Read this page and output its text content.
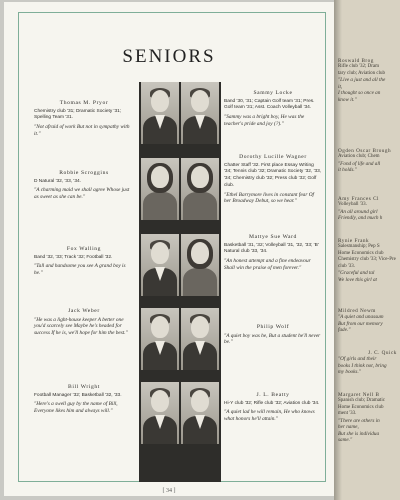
SENIORS
Thomas M. Pryor
Chemistry club '31; Dramatic Society '31; Spelling Team '31.
"Not afraid of work But not in sympathy with it."
Robbie Scroggins
D Natural '32, '33, '34.
"A charming maid we shall agree Whose just as sweet as she can be."
Fox Walling
Band '32, '33; Track '32; Football '32.
"Tall and handsome you see A grand boy is he."
Jack Weber
"He was a light-house keeper A better one you'd scarcely see Maybe he's headed for success If he is, we'll hope for him the best."
Bill Wright
Football Manager '32; Basketball '32, '33.
"Here's a swell guy by the name of Bill, Everyone likes him and always will."
Sammy Locke
Band '30, '31; Captain Golf team '31; Pres. Golf team '31; Asst. Coach Volleyball '34.
"Sammy was a bright boy, He was the teacher's pride and joy (?)."
Dorothy Lucille Wagner
Chatter Staff '32. First place Essay Writing '34; Tennis club '32; Dramatic Society '32, '33, '34; Chemistry club '32; Press club '32; Golf club.
"Ethel Barrymore lives in constant fear Of her Broadway Debut, so we hear."
Mattye Sue Ward
Basketball '31, '32; Volleyball '31, '32, '33; 'B' Natural club '33, '34.
"An honest attempt and a fine endeavour Shall win the praise of men forever."
Philip Wolf
"A quiet boy was he, But a student he'll never be."
J. L. Beatty
Hi-Y club '32; Rifle club '32; Aviation club '34.
"A quiet lad he will remain, He who knows what honors he'll attain."
[ 34 ]
Roswald Brog
Rifle club '32; Dram
tary club; Aviation club
"Live a just and all the
it,
I thought so once an
know it."
Ogden Oscar Brough
Aviation club; Chem
"Fond of life and all
it holds."
Amy Frances Cl
Volleyball '33.
"An all around girl
Friendly, and much h
Rynie Frank
Salesmanship; Pep S
Home Economics club
Chemistry club '33; Vice-Pre
club '33.
"Graceful and tal
We love this girl at
Mildred Newm
"A quiet and unassum
But from our memory
fade."
J. C. Quick
"Of girls and their
books I think not, bring
my books."
Margaret Nell B
Spanish club; Dramatic
Home Economics club
ment '33.
"There are others in
her name,
But she is individua
same."
